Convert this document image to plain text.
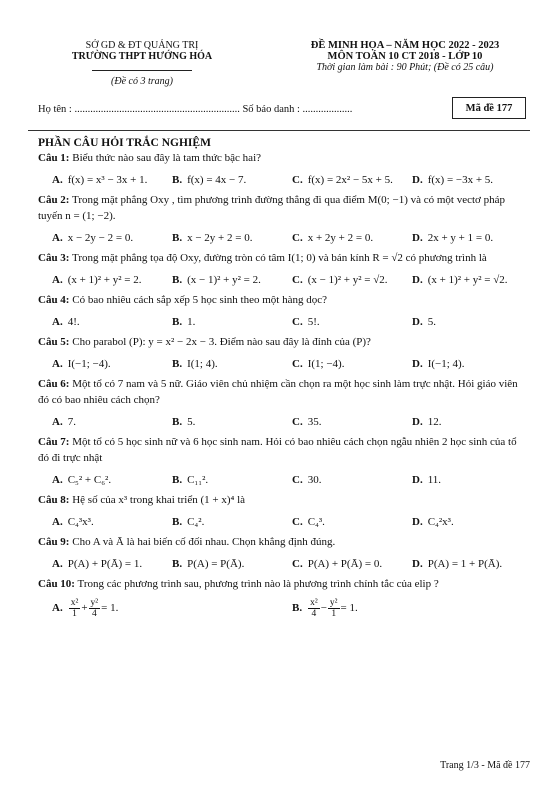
SỞ GD & ĐT QUẢNG TRỊ
TRƯỜNG THPT HƯỚNG HÓA
(Đề có 3 trang)
ĐỀ MINH HỌA – NĂM HỌC 2022 - 2023
MÔN TOÁN 10 CT 2018 - LỚP 10
Thời gian làm bài : 90 Phút; (Đề có 25 câu)
Họ tên : ............................................................... Số báo danh : ...................	Mã đề 177
PHẦN CÂU HỎI TRẮC NGHIỆM
Câu 1: Biểu thức nào sau đây là tam thức bậc hai?
A. f(x) = x³ − 3x + 1.	B. f(x) = 4x − 7.	C. f(x) = 2x² − 5x + 5.	D. f(x) = −3x + 5.
Câu 2: Trong mặt phẳng Oxy , tìm phương trình đường thẳng đi qua điểm M(0; −1) và có một vectơ pháp tuyến n = (1; −2).
A. x − 2y − 2 = 0.	B. x − 2y + 2 = 0.	C. x + 2y + 2 = 0.	D. 2x + y + 1 = 0.
Câu 3: Trong mặt phẳng tọa độ Oxy, đường tròn có tâm I(1; 0) và bán kính R = √2 có phương trình là
A. (x + 1)² + y² = 2.	B. (x − 1)² + y² = 2.	C. (x − 1)² + y² = √2.	D. (x + 1)² + y² = √2.
Câu 4: Có bao nhiêu cách sắp xếp 5 học sinh theo một hàng dọc?
A. 4!.	B. 1.	C. 5!.	D. 5.
Câu 5: Cho parabol (P): y = x² − 2x − 3. Điểm nào sau đây là đỉnh của (P)?
A. I(−1; −4).	B. I(1; 4).	C. I(1; −4).	D. I(−1; 4).
Câu 6: Một tổ có 7 nam và 5 nữ. Giáo viên chủ nhiệm cần chọn ra một học sinh làm trực nhật. Hỏi giáo viên đó có bao nhiêu cách chọn?
A. 7.	B. 5.	C. 35.	D. 12.
Câu 7: Một tổ có 5 học sinh nữ và 6 học sinh nam. Hỏi có bao nhiêu cách chọn ngẫu nhiên 2 học sinh của tổ đó đi trực nhật
A. C₅² + C₆².	B. C₁₁².	C. 30.	D. 11.
Câu 8: Hệ số của x³ trong khai triển (1 + x)⁴ là
A. C₄³x³.	B. C₄².	C. C₄³.	D. C₄²x³.
Câu 9: Cho A và Ā là hai biến cố đối nhau. Chọn khẳng định đúng.
A. P(A) + P(Ā) = 1.	B. P(A) = P(Ā).	C. P(A) + P(Ā) = 0.	D. P(A) = 1 + P(Ā).
Câu 10: Trong các phương trình sau, phương trình nào là phương trình chính tắc của elip ?
A. $\frac{\text{x²}}{1} + \frac{\text{y²}}{4} = 1$.	B. $\frac{\text{x²}}{4} - \frac{\text{y²}}{1} = 1$.
Trang 1/3 - Mã đề 177
